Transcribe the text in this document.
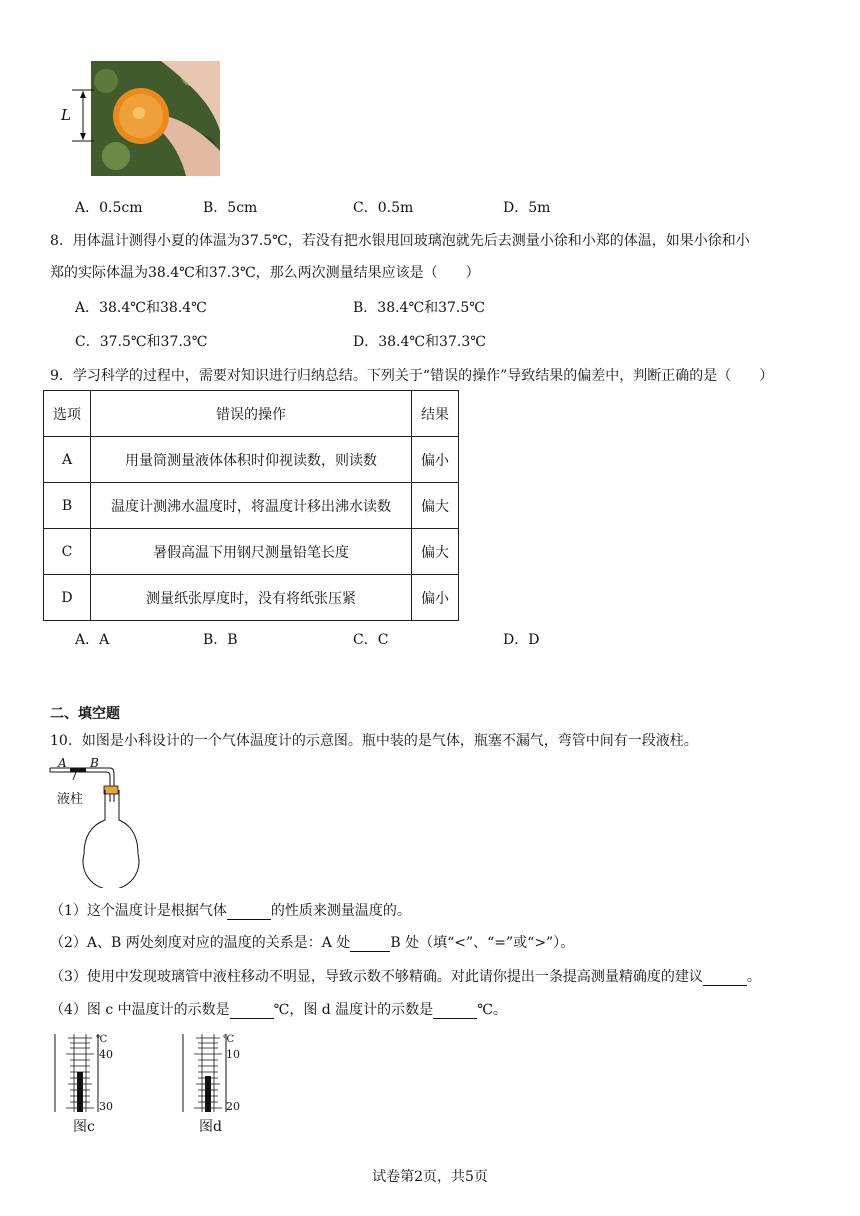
L
A．0.5cm	B．5cm	C．0.5m	D．5m
8．用体温计测得小夏的体温为37.5℃，若没有把水银甩回玻璃泡就先后去测量小徐和小郑的体温，如果小徐和小
郑的实际体温为38.4℃和37.3℃，那么两次测量结果应该是（　　）
A．38.4℃和38.4℃	B．38.4℃和37.5℃
C．37.5℃和37.3℃	D．38.4℃和37.3℃
9．学习科学的过程中，需要对知识进行归纳总结。下列关于“错误的操作”导致结果的偏差中，判断正确的是（　　）
选项	错误的操作	结果
A	用量筒测量液体体积时仰视读数，则读数	偏小
B	温度计测沸水温度时，将温度计移出沸水读数	偏大
C	暑假高温下用钢尺测量铅笔长度	偏大
D	测量纸张厚度时，没有将纸张压紧	偏小
A．A	B．B	C．C	D．D
二、填空题
10．如图是小科设计的一个气体温度计的示意图。瓶中装的是气体，瓶塞不漏气，弯管中间有一段液柱。
A B
液柱
（1）这个温度计是根据气体	的性质来测量温度的。
（2）A、B 两处刻度对应的温度的关系是：A 处	B 处（填“<”、“=”或“>”）。
（3）使用中发现玻璃管中液柱移动不明显，导致示数不够精确。对此请你提出一条提高测量精确度的建议	。
（4）图 c 中温度计的示数是	℃，图 d 温度计的示数是	℃。
℃
40
30
图c
℃
10
20
图d
试卷第2页，共5页
